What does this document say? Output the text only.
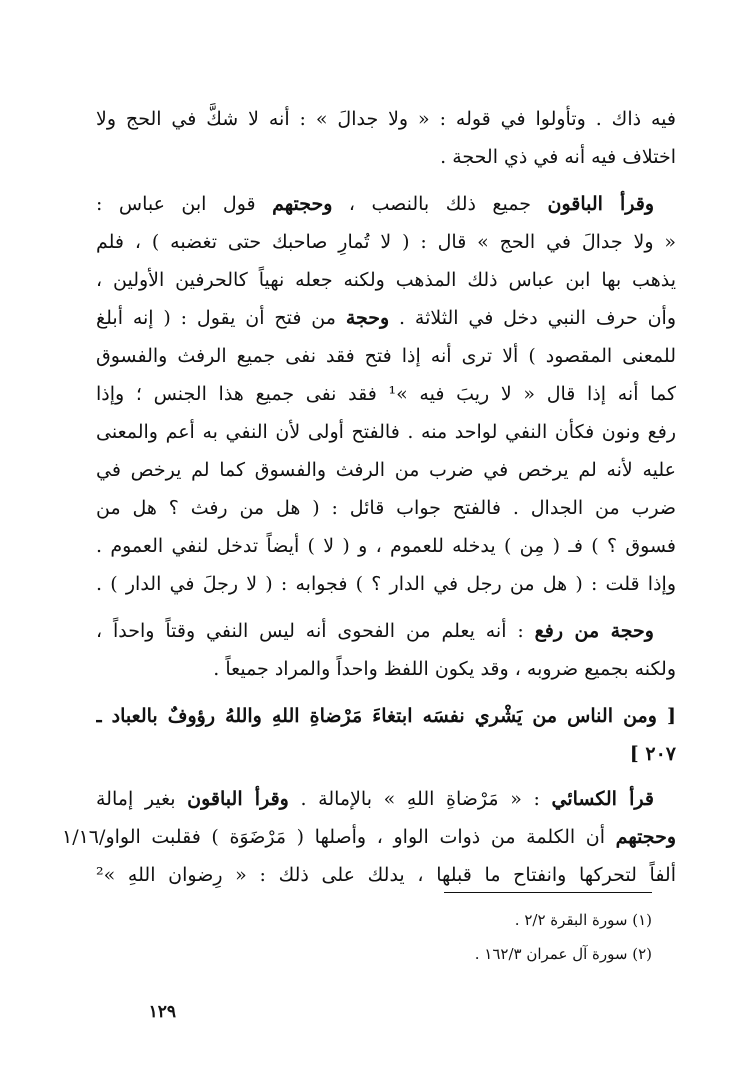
فيه ذاك . وتأولوا في قوله : « ولا جدالَ » : أنه لا شكَّ في الحج ولا
اختلاف فيه أنه في ذي الحجة .
وقرأ الباقون جميع ذلك بالنصب ، وحجتهم قول ابن عباس :
« ولا جدالَ في الحج » قال : ( لا تُمارِ صاحبك حتى تغضبه ) ، فلم
يذهب بها ابن عباس ذلك المذهب ولكنه جعله نهياً كالحرفين الأولين ،
وأن حرف النبي دخل في الثلاثة . وحجة من فتح أن يقول : ( إنه أبلغ
للمعنى المقصود ) ألا ترى أنه إذا فتح فقد نفى جميع الرفث والفسوق
كما أنه إذا قال « لا ريبَ فيه »¹ فقد نفى جميع هذا الجنس ؛ وإذا
رفع ونون فكأن النفي لواحد منه . فالفتح أولى لأن النفي به أعم والمعنى
عليه لأنه لم يرخص في ضرب من الرفث والفسوق كما لم يرخص في
ضرب من الجدال . فالفتح جواب قائل : ( هل من رفث ؟ هل من
فسوق ؟ ) فـ ( مِن ) يدخله للعموم ، و ( لا ) أيضاً تدخل لنفي العموم .
وإذا قلت : ( هل من رجل في الدار ؟ ) فجوابه : ( لا رجلَ في الدار ) .
وحجة من رفع : أنه يعلم من الفحوى أنه ليس النفي وقتاً واحداً ،
ولكنه بجميع ضروبه ، وقد يكون اللفظ واحداً والمراد جميعاً .
[ ومن الناس من يَشْري نفسَه ابتغاءَ مَرْضاةِ اللهِ واللهُ رؤوفٌ بالعباد ـ
٢٠٧ ]
قرأ الكسائي : « مَرْضاةِ اللهِ » بالإمالة . وقرأ الباقون بغير إمالة
وحجتهم أن الكلمة من ذوات الواو ، وأصلها ( مَرْضَوَة ) فقلبت الواو/١/١٦
ألفاً لتحركها وانفتاح ما قبلها ، يدلك على ذلك : « رِضوان اللهِ »²
(١) سورة البقرة ٢/٢ .
(٢) سورة آل عمران ١٦٢/٣ .
١٢٩
